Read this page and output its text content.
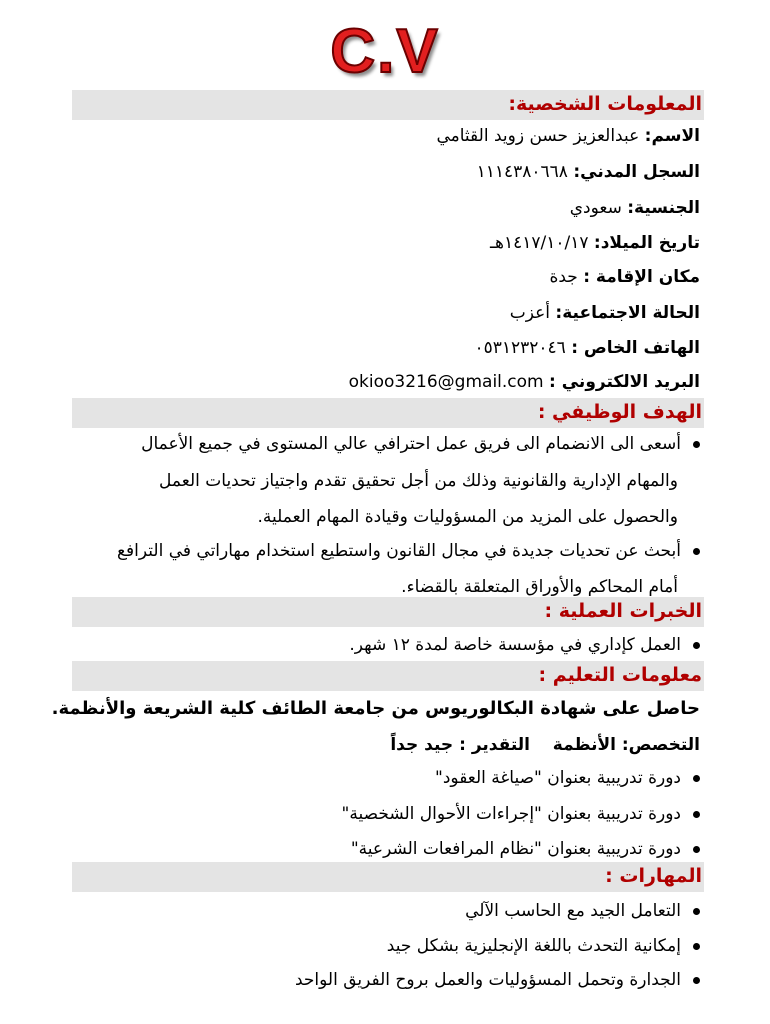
C.V
المعلومات الشخصية:
الاسم: عبدالعزيز حسن زويد القثامي
السجل المدني: ١١١٤٣٨٠٦٦٨
الجنسية: سعودي
تاريخ الميلاد: ١٤١٧/١٠/١٧هـ
مكان الإقامة : جدة
الحالة الاجتماعية: أعزب
الهاتف الخاص : ٠٥٣١٢٣٢٠٤٦
البريد الالكتروني : okioo3216@gmail.com
الهدف الوظيفي :
أسعى الى الانضمام الى فريق عمل احترافي عالي المستوى في جميع الأعمال
والمهام الإدارية والقانونية وذلك من أجل تحقيق تقدم واجتياز تحديات العمل
والحصول على المزيد من المسؤوليات وقيادة المهام العملية.
أبحث عن تحديات جديدة في مجال القانون واستطيع استخدام مهاراتي في الترافع
أمام المحاكم والأوراق المتعلقة بالقضاء.
الخبرات العملية :
العمل كإداري في مؤسسة خاصة لمدة ١٢ شهر.
معلومات التعليم :
حاصل على شهادة البكالوريوس من جامعة الطائف كلية الشريعة والأنظمة.
التخصص: الأنظمة
التقدير : جيد جداً
دورة تدريبية بعنوان "صياغة العقود"
دورة تدريبية بعنوان "إجراءات الأحوال الشخصية"
دورة تدريبية بعنوان "نظام المرافعات الشرعية"
المهارات :
التعامل الجيد مع الحاسب الآلي
إمكانية التحدث باللغة الإنجليزية بشكل جيد
الجدارة وتحمل المسؤوليات والعمل بروح الفريق الواحد
